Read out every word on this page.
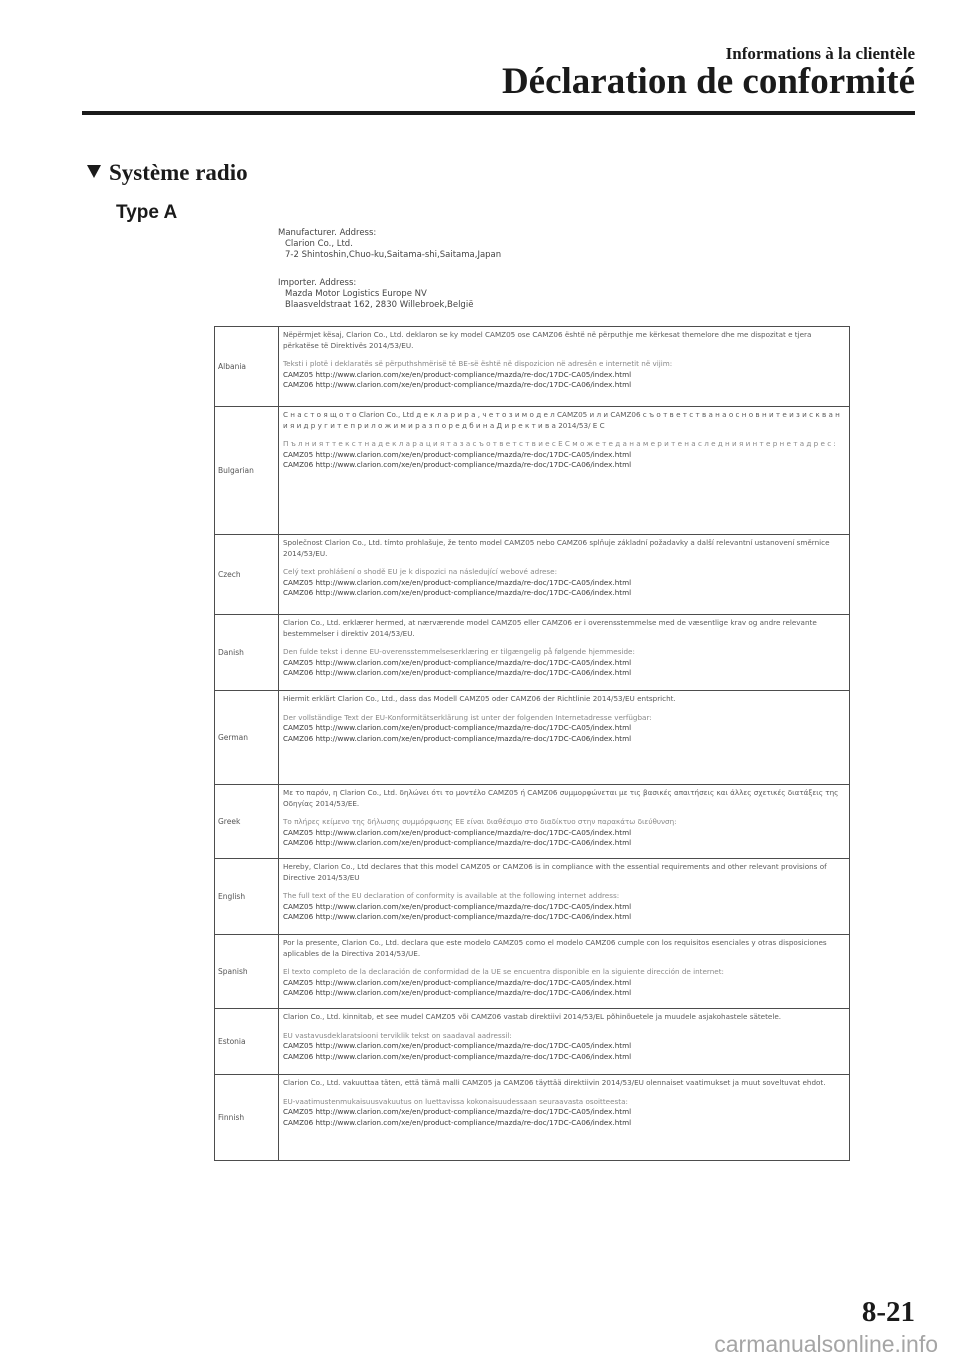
Informations à la clientèle
Déclaration de conformité
Système radio
Type A
Manufacturer. Address:
Clarion Co., Ltd.
7-2 Shintoshin,Chuo-ku,Saitama-shi,Saitama,Japan
Importer. Address:
Mazda Motor Logistics Europe NV
Blaasveldstraat 162, 2830 Willebroek,België
Albania	Nëpërmjet kësaj, Clarion Co., Ltd. deklaron se ky model CAMZ05 ose CAMZ06 është në përputhje me kërkesat themelore dhe me dispozitat e tjera përkatëse të Direktivës 2014/53/EU.
Teksti i plotë i deklaratës së përputhshmërisë të BE-së është në dispozicion në adresën e internetit në vijim:
CAMZ05 http://www.clarion.com/xe/en/product-compliance/mazda/re-doc/17DC-CA05/index.html
CAMZ06 http://www.clarion.com/xe/en/product-compliance/mazda/re-doc/17DC-CA06/index.html

Bulgarian	С н а с т о я щ о т о Clarion Co., Ltd д е к л а р и р а , ч е т о з и м о д е л CAMZ05 и л и CAMZ06 с ъ о т в е т с т в а н а о с н о в н и т е и з и с к в а н и я и д р у г и т е п р и л о ж и м и р а з п о р е д б и н а Д и р е к т и в а 2014/53/ Е С
П ъ л н и я т т е к с т н а д е к л а р а ц и я т а з а с ъ о т в е т с т в и е с Е С м о ж е т е д а н а м е р и т е н а с л е д н и я и н т е р н е т а д р е с :
CAMZ05 http://www.clarion.com/xe/en/product-compliance/mazda/re-doc/17DC-CA05/index.html
CAMZ06 http://www.clarion.com/xe/en/product-compliance/mazda/re-doc/17DC-CA06/index.html

Czech	Společnost Clarion Co., Ltd. tímto prohlašuje, že tento model CAMZ05 nebo CAMZ06 splňuje základní požadavky a další relevantní ustanovení směrnice 2014/53/EU.
Celý text prohlášení o shodě EU je k dispozici na následující webové adrese:
CAMZ05 http://www.clarion.com/xe/en/product-compliance/mazda/re-doc/17DC-CA05/index.html
CAMZ06 http://www.clarion.com/xe/en/product-compliance/mazda/re-doc/17DC-CA06/index.html

Danish	Clarion Co., Ltd. erklærer hermed, at nærværende model CAMZ05 eller CAMZ06 er i overensstemmelse med de væsentlige krav og andre relevante bestemmelser i direktiv 2014/53/EU.
Den fulde tekst i denne EU-overensstemmelseserklæring er tilgængelig på følgende hjemmeside:
CAMZ05 http://www.clarion.com/xe/en/product-compliance/mazda/re-doc/17DC-CA05/index.html
CAMZ06 http://www.clarion.com/xe/en/product-compliance/mazda/re-doc/17DC-CA06/index.html

German	Hiermit erklärt Clarion Co., Ltd., dass das Modell CAMZ05 oder CAMZ06 der Richtlinie 2014/53/EU entspricht.
Der vollständige Text der EU-Konformitätserklärung ist unter der folgenden Internetadresse verfügbar:
CAMZ05 http://www.clarion.com/xe/en/product-compliance/mazda/re-doc/17DC-CA05/index.html
CAMZ06 http://www.clarion.com/xe/en/product-compliance/mazda/re-doc/17DC-CA06/index.html

Greek	Με το παρόν, η Clarion Co., Ltd. δηλώνει ότι το μοντέλο CAMZ05 ή CAMZ06 συμμορφώνεται με τις βασικές απαιτήσεις και άλλες σχετικές διατάξεις της Οδηγίας 2014/53/ΕΕ.
Το πλήρες κείμενο της δήλωσης συμμόρφωσης ΕΕ είναι διαθέσιμο στο διαδίκτυο στην παρακάτω διεύθυνση:
CAMZ05 http://www.clarion.com/xe/en/product-compliance/mazda/re-doc/17DC-CA05/index.html
CAMZ06 http://www.clarion.com/xe/en/product-compliance/mazda/re-doc/17DC-CA06/index.html

English	Hereby, Clarion Co., Ltd declares that this model CAMZ05 or CAMZ06 is in compliance with the essential requirements and other relevant provisions of Directive 2014/53/EU
The full text of the EU declaration of conformity is available at the following internet address:
CAMZ05 http://www.clarion.com/xe/en/product-compliance/mazda/re-doc/17DC-CA05/index.html
CAMZ06 http://www.clarion.com/xe/en/product-compliance/mazda/re-doc/17DC-CA06/index.html

Spanish	Por la presente, Clarion Co., Ltd. declara que este modelo CAMZ05 como el modelo CAMZ06 cumple con los requisitos esenciales y otras disposiciones aplicables de la Directiva 2014/53/UE.
El texto completo de la declaración de conformidad de la UE se encuentra disponible en la siguiente dirección de internet:
CAMZ05 http://www.clarion.com/xe/en/product-compliance/mazda/re-doc/17DC-CA05/index.html
CAMZ06 http://www.clarion.com/xe/en/product-compliance/mazda/re-doc/17DC-CA06/index.html

Estonia	Clarion Co., Ltd. kinnitab, et see mudel CAMZ05 või CAMZ06 vastab direktiivi 2014/53/EL põhinõuetele ja muudele asjakohastele sätetele.
EU vastavusdeklaratsiooni terviklik tekst on saadaval aadressil:
CAMZ05 http://www.clarion.com/xe/en/product-compliance/mazda/re-doc/17DC-CA05/index.html
CAMZ06 http://www.clarion.com/xe/en/product-compliance/mazda/re-doc/17DC-CA06/index.html

Finnish	Clarion Co., Ltd. vakuuttaa täten, että tämä malli CAMZ05 ja CAMZ06 täyttää direktiivin 2014/53/EU olennaiset vaatimukset ja muut soveltuvat ehdot.
EU-vaatimustenmukaisuusvakuutus on luettavissa kokonaisuudessaan seuraavasta osoitteesta:
CAMZ05 http://www.clarion.com/xe/en/product-compliance/mazda/re-doc/17DC-CA05/index.html
CAMZ06 http://www.clarion.com/xe/en/product-compliance/mazda/re-doc/17DC-CA06/index.html
8-21
carmanualsonline.info
